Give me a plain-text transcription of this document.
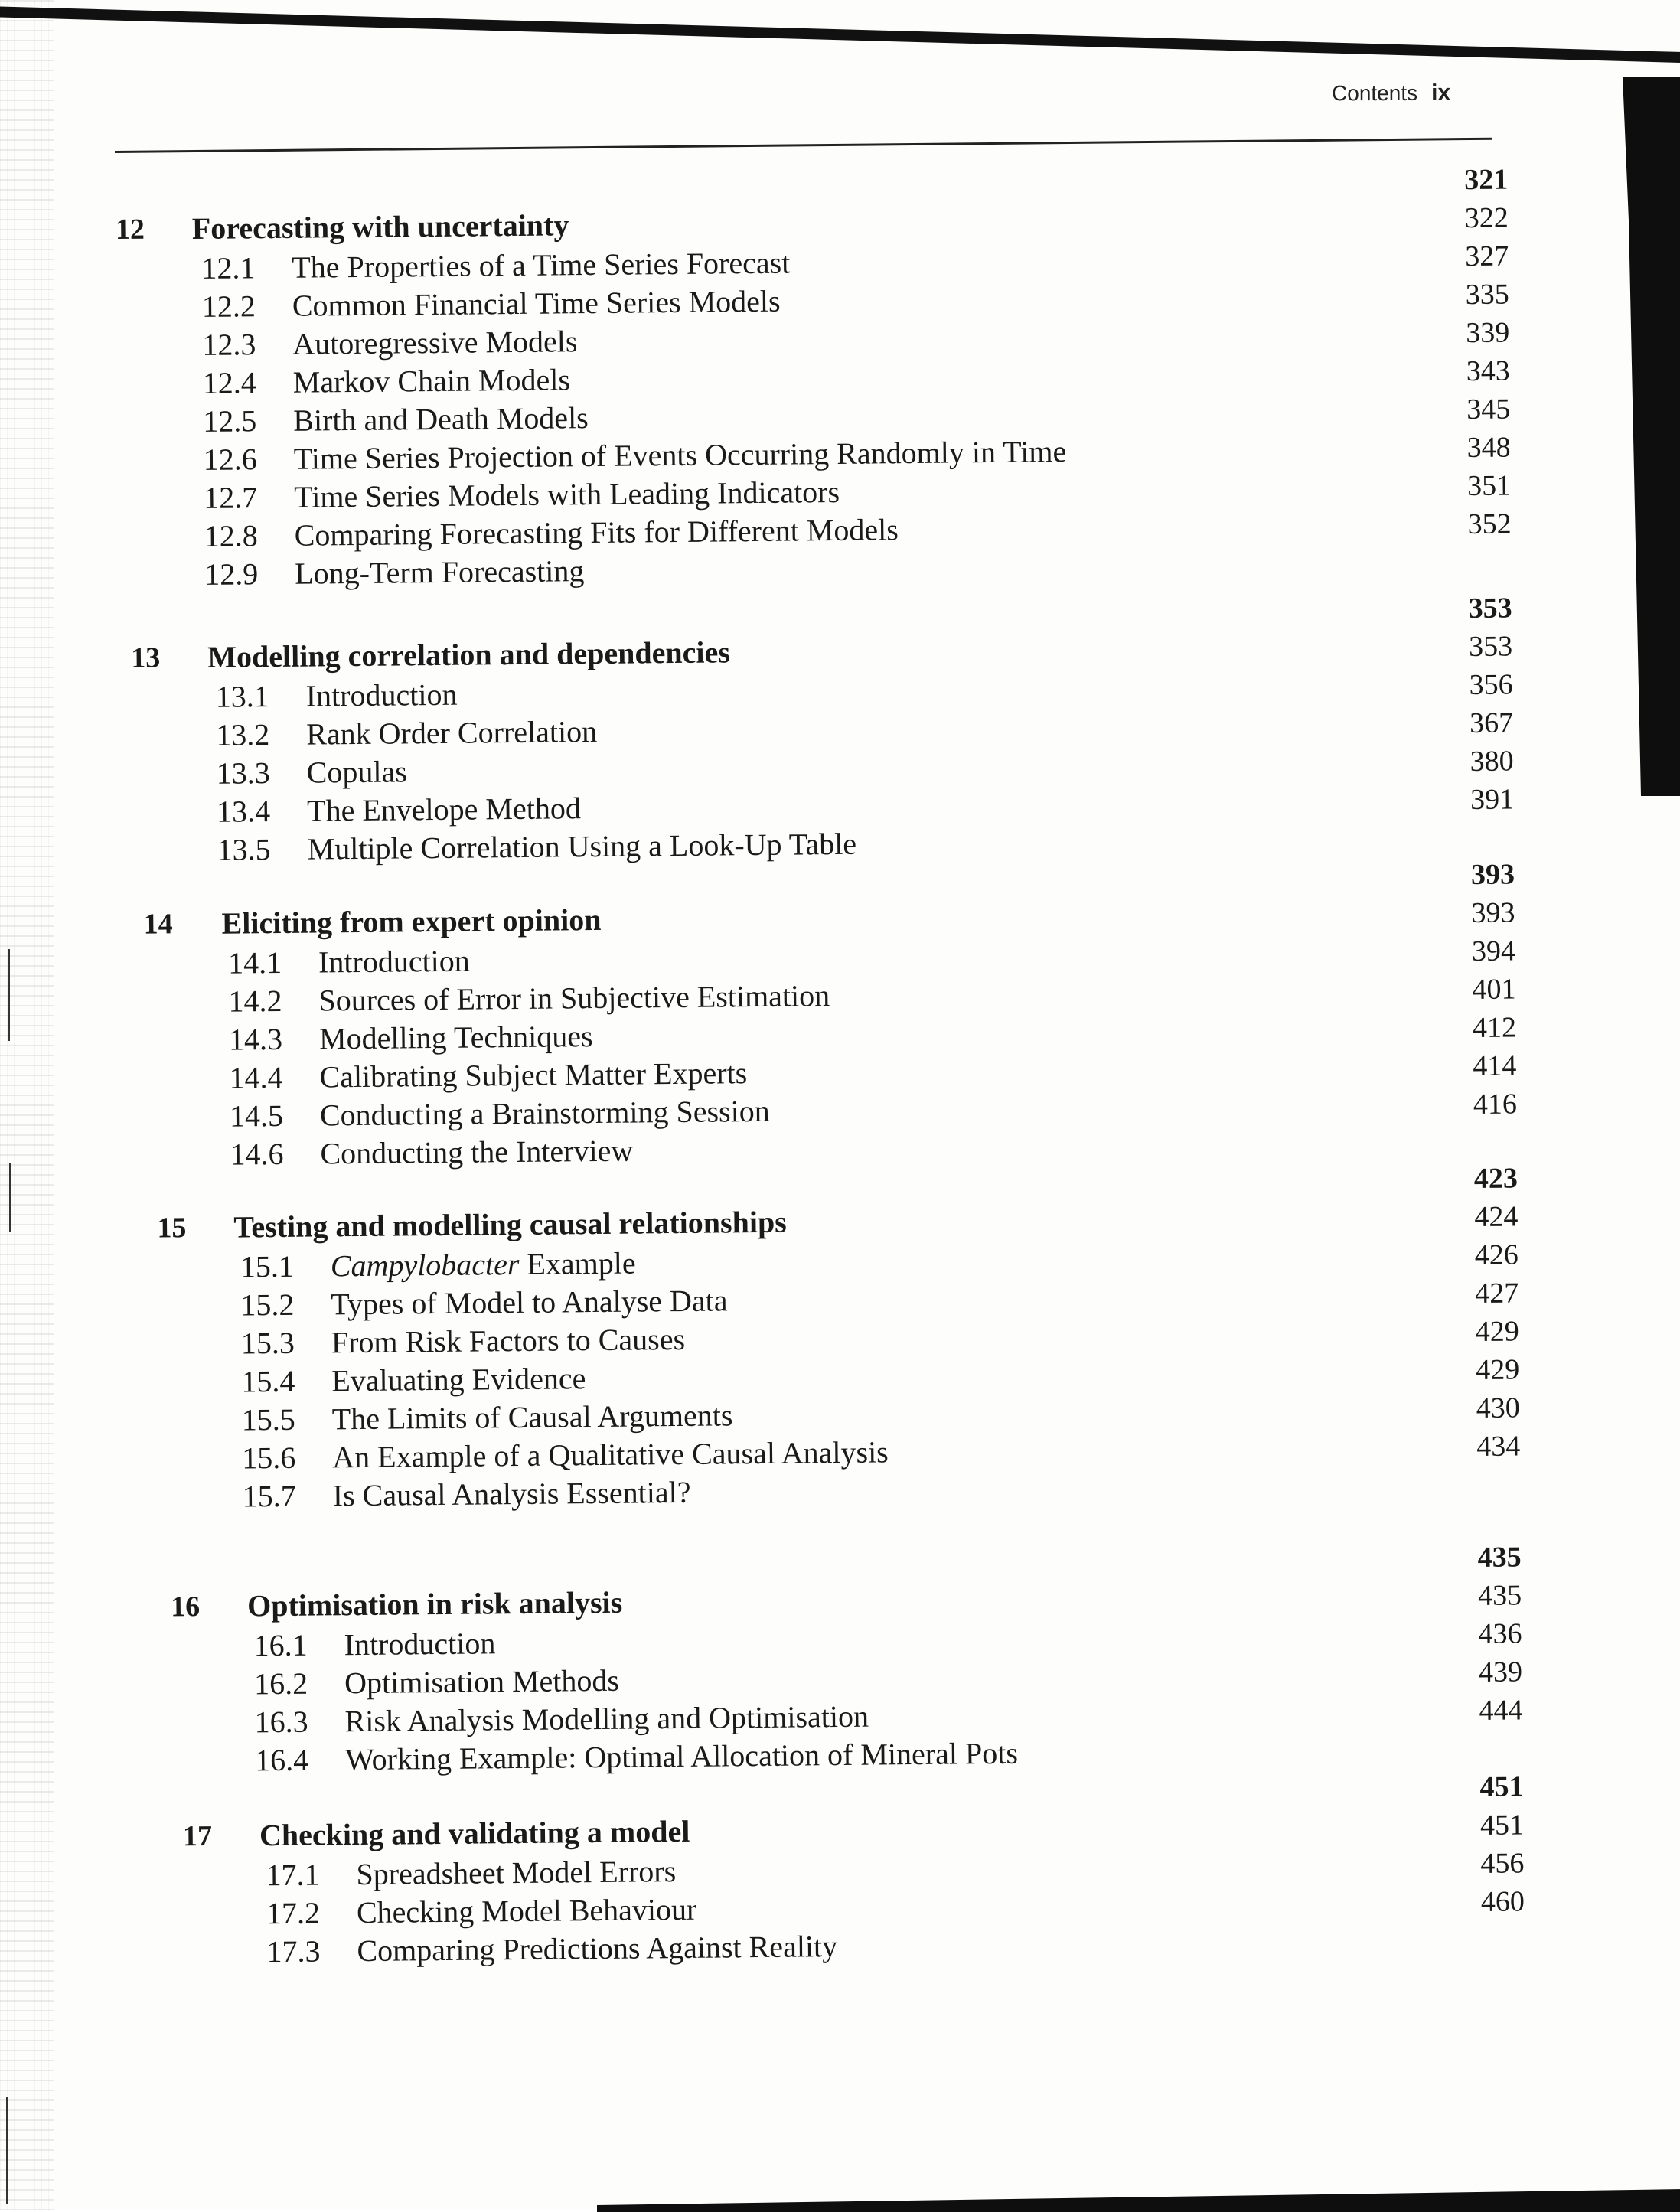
Contents ix
321
12 Forecasting with uncertainty
12.1 The Properties of a Time Series Forecast
322
12.2 Common Financial Time Series Models
327
12.3 Autoregressive Models
335
12.4 Markov Chain Models
339
12.5 Birth and Death Models
343
12.6 Time Series Projection of Events Occurring Randomly in Time
345
12.7 Time Series Models with Leading Indicators
348
12.8 Comparing Forecasting Fits for Different Models
351
12.9 Long-Term Forecasting
352
353
13 Modelling correlation and dependencies
13.1 Introduction
353
13.2 Rank Order Correlation
356
13.3 Copulas
367
13.4 The Envelope Method
380
13.5 Multiple Correlation Using a Look-Up Table
391
393
14 Eliciting from expert opinion
14.1 Introduction
393
14.2 Sources of Error in Subjective Estimation
394
14.3 Modelling Techniques
401
14.4 Calibrating Subject Matter Experts
412
14.5 Conducting a Brainstorming Session
414
14.6 Conducting the Interview
416
423
15 Testing and modelling causal relationships
15.1 Campylobacter Example
424
15.2 Types of Model to Analyse Data
426
15.3 From Risk Factors to Causes
427
15.4 Evaluating Evidence
429
15.5 The Limits of Causal Arguments
429
15.6 An Example of a Qualitative Causal Analysis
430
15.7 Is Causal Analysis Essential?
434
435
16 Optimisation in risk analysis
16.1 Introduction
435
16.2 Optimisation Methods
436
16.3 Risk Analysis Modelling and Optimisation
439
16.4 Working Example: Optimal Allocation of Mineral Pots
444
451
17 Checking and validating a model
17.1 Spreadsheet Model Errors
451
17.2 Checking Model Behaviour
456
17.3 Comparing Predictions Against Reality
460
